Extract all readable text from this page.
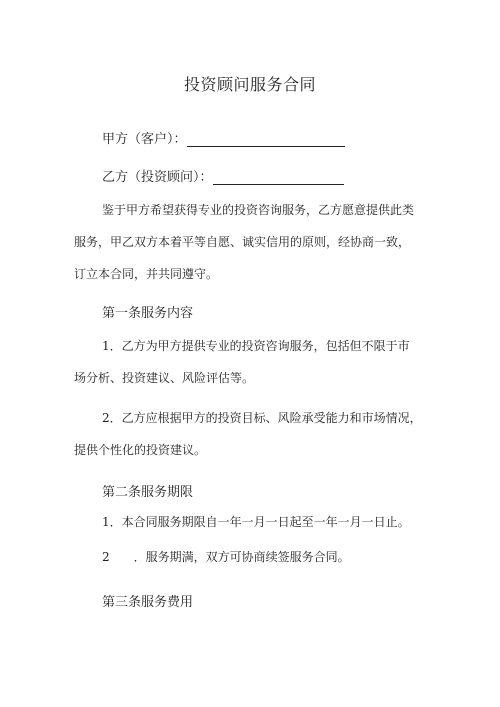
投资顾问服务合同
甲方（客户）：
乙方（投资顾问）：
鉴于甲方希望获得专业的投资咨询服务，乙方愿意提供此类
服务，甲乙双方本着平等自愿、诚实信用的原则，经协商一致，
订立本合同，并共同遵守。
第一条服务内容
1．乙方为甲方提供专业的投资咨询服务，包括但不限于市
场分析、投资建议、风险评估等。
2．乙方应根据甲方的投资目标、风险承受能力和市场情况，
提供个性化的投资建议。
第二条服务期限
1．本合同服务期限自一年一月一日起至一年一月一日止。
2　　．服务期满，双方可协商续签服务合同。
第三条服务费用
